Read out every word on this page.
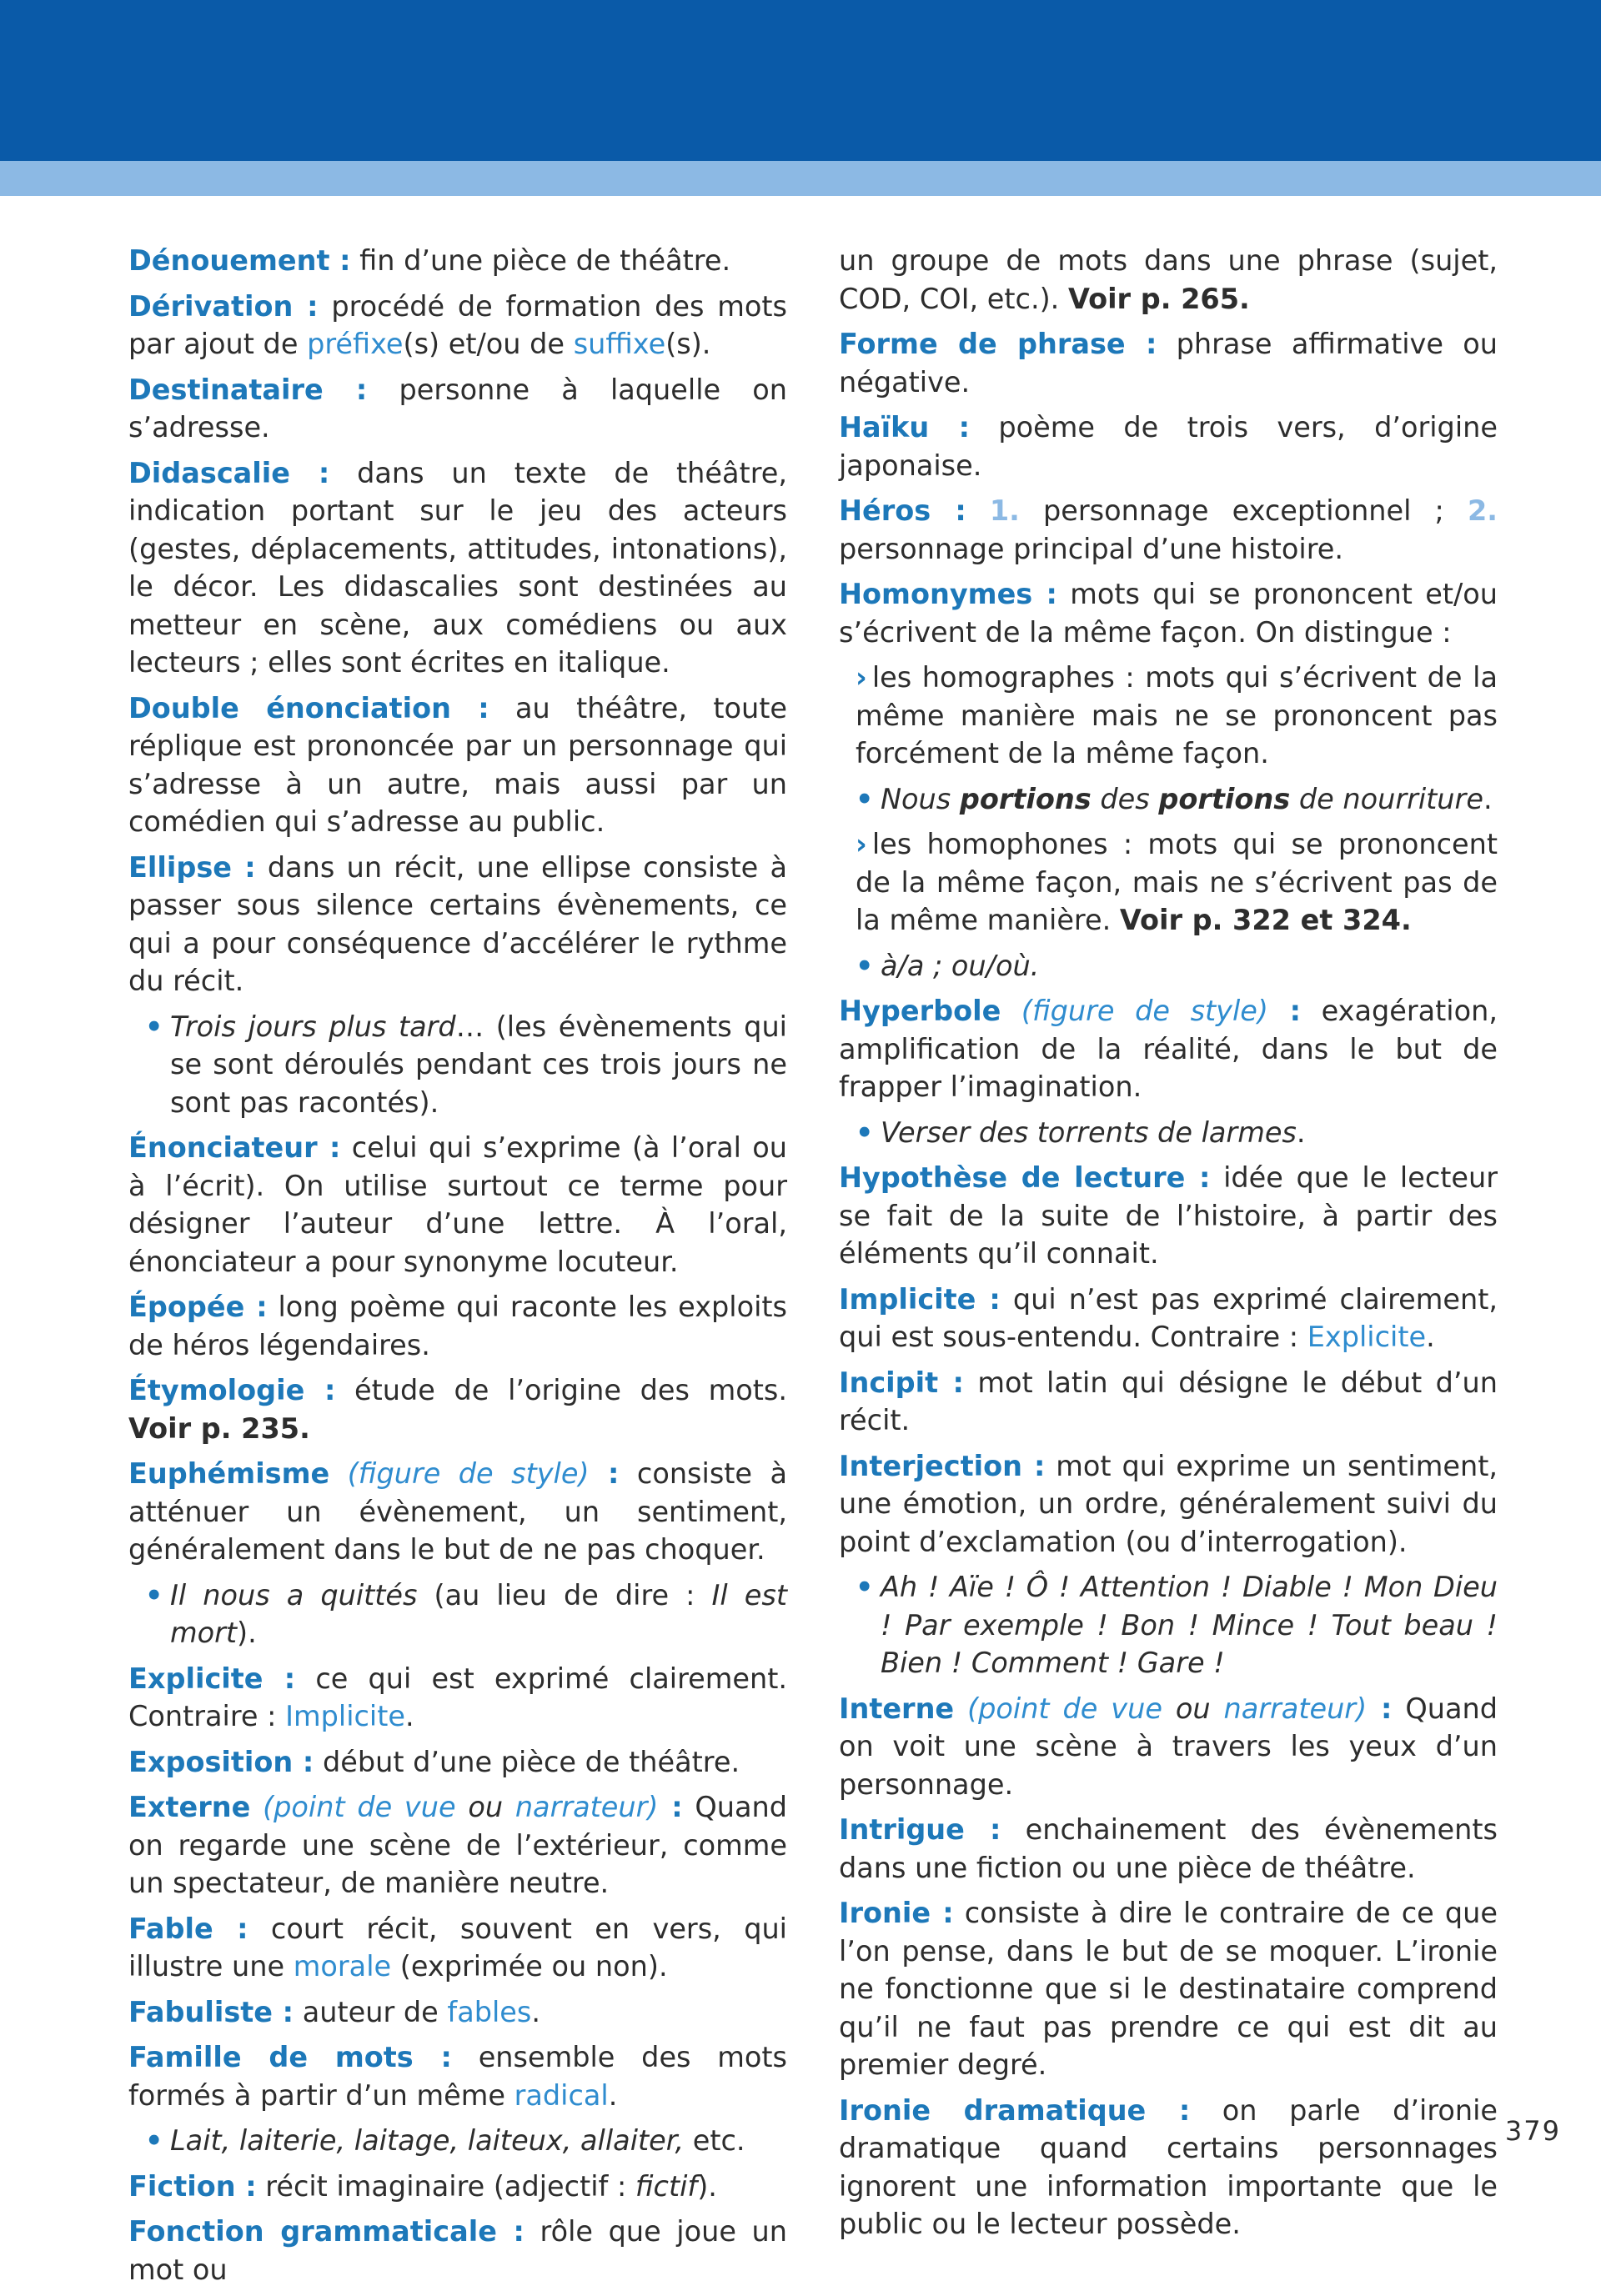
Dénouement : fin d’une pièce de théâtre.

Dérivation : procédé de formation des mots par ajout de préfixe(s) et/ou de suffixe(s).

Destinataire : personne à laquelle on s’adresse.

Didascalie : dans un texte de théâtre, indication portant sur le jeu des acteurs (gestes, déplacements, attitudes, intonations), le décor. Les didascalies sont destinées au metteur en scène, aux comédiens ou aux lecteurs ; elles sont écrites en italique.

Double énonciation : au théâtre, toute réplique est prononcée par un personnage qui s’adresse à un autre, mais aussi par un comédien qui s’adresse au public.

Ellipse : dans un récit, une ellipse consiste à passer sous silence certains évènements, ce qui a pour conséquence d’accélérer le rythme du récit.

• Trois jours plus tard… (les évènements qui se sont déroulés pendant ces trois jours ne sont pas racontés).

Énonciateur : celui qui s’exprime (à l’oral ou à l’écrit). On utilise surtout ce terme pour désigner l’auteur d’une lettre. À l’oral, énonciateur a pour synonyme locuteur.

Épopée : long poème qui raconte les exploits de héros légendaires.

Étymologie : étude de l’origine des mots. Voir p. 235.

Euphémisme (figure de style) : consiste à atténuer un évènement, un sentiment, généralement dans le but de ne pas choquer.

• Il nous a quittés (au lieu de dire : Il est mort).

Explicite : ce qui est exprimé clairement. Contraire : Implicite.

Exposition : début d’une pièce de théâtre.

Externe (point de vue ou narrateur) : Quand on regarde une scène de l’extérieur, comme un spectateur, de manière neutre.

Fable : court récit, souvent en vers, qui illustre une morale (exprimée ou non).

Fabuliste : auteur de fables.

Famille de mots : ensemble des mots formés à partir d’un même radical.

• Lait, laiterie, laitage, laiteux, allaiter, etc.

Fiction : récit imaginaire (adjectif : fictif).

Fonction grammaticale : rôle que joue un mot ou

un groupe de mots dans une phrase (sujet, COD, COI, etc.). Voir p. 265.

Forme de phrase : phrase affirmative ou négative.

Haïku : poème de trois vers, d’origine japonaise.

Héros : 1. personnage exceptionnel ; 2. personnage principal d’une histoire.

Homonymes : mots qui se prononcent et/ou s’écrivent de la même façon. On distingue :

› les homographes : mots qui s’écrivent de la même manière mais ne se prononcent pas forcément de la même façon.

• Nous portions des portions de nourriture.

› les homophones : mots qui se prononcent de la même façon, mais ne s’écrivent pas de la même manière. Voir p. 322 et 324.

• à/a ; ou/où.

Hyperbole (figure de style) : exagération, amplification de la réalité, dans le but de frapper l’imagination.

• Verser des torrents de larmes.

Hypothèse de lecture : idée que le lecteur se fait de la suite de l’histoire, à partir des éléments qu’il connait.

Implicite : qui n’est pas exprimé clairement, qui est sous-entendu. Contraire : Explicite.

Incipit : mot latin qui désigne le début d’un récit.

Interjection : mot qui exprime un sentiment, une émotion, un ordre, généralement suivi du point d’exclamation (ou d’interrogation).

• Ah ! Aïe ! Ô ! Attention ! Diable ! Mon Dieu ! Par exemple ! Bon ! Mince ! Tout beau ! Bien ! Comment ! Gare !

Interne (point de vue ou narrateur) : Quand on voit une scène à travers les yeux d’un personnage.

Intrigue : enchainement des évènements dans une fiction ou une pièce de théâtre.

Ironie : consiste à dire le contraire de ce que l’on pense, dans le but de se moquer. L’ironie ne fonctionne que si le destinataire comprend qu’il ne faut pas prendre ce qui est dit au premier degré.

Ironie dramatique : on parle d’ironie dramatique quand certains personnages ignorent une information importante que le public ou le lecteur possède.

379
